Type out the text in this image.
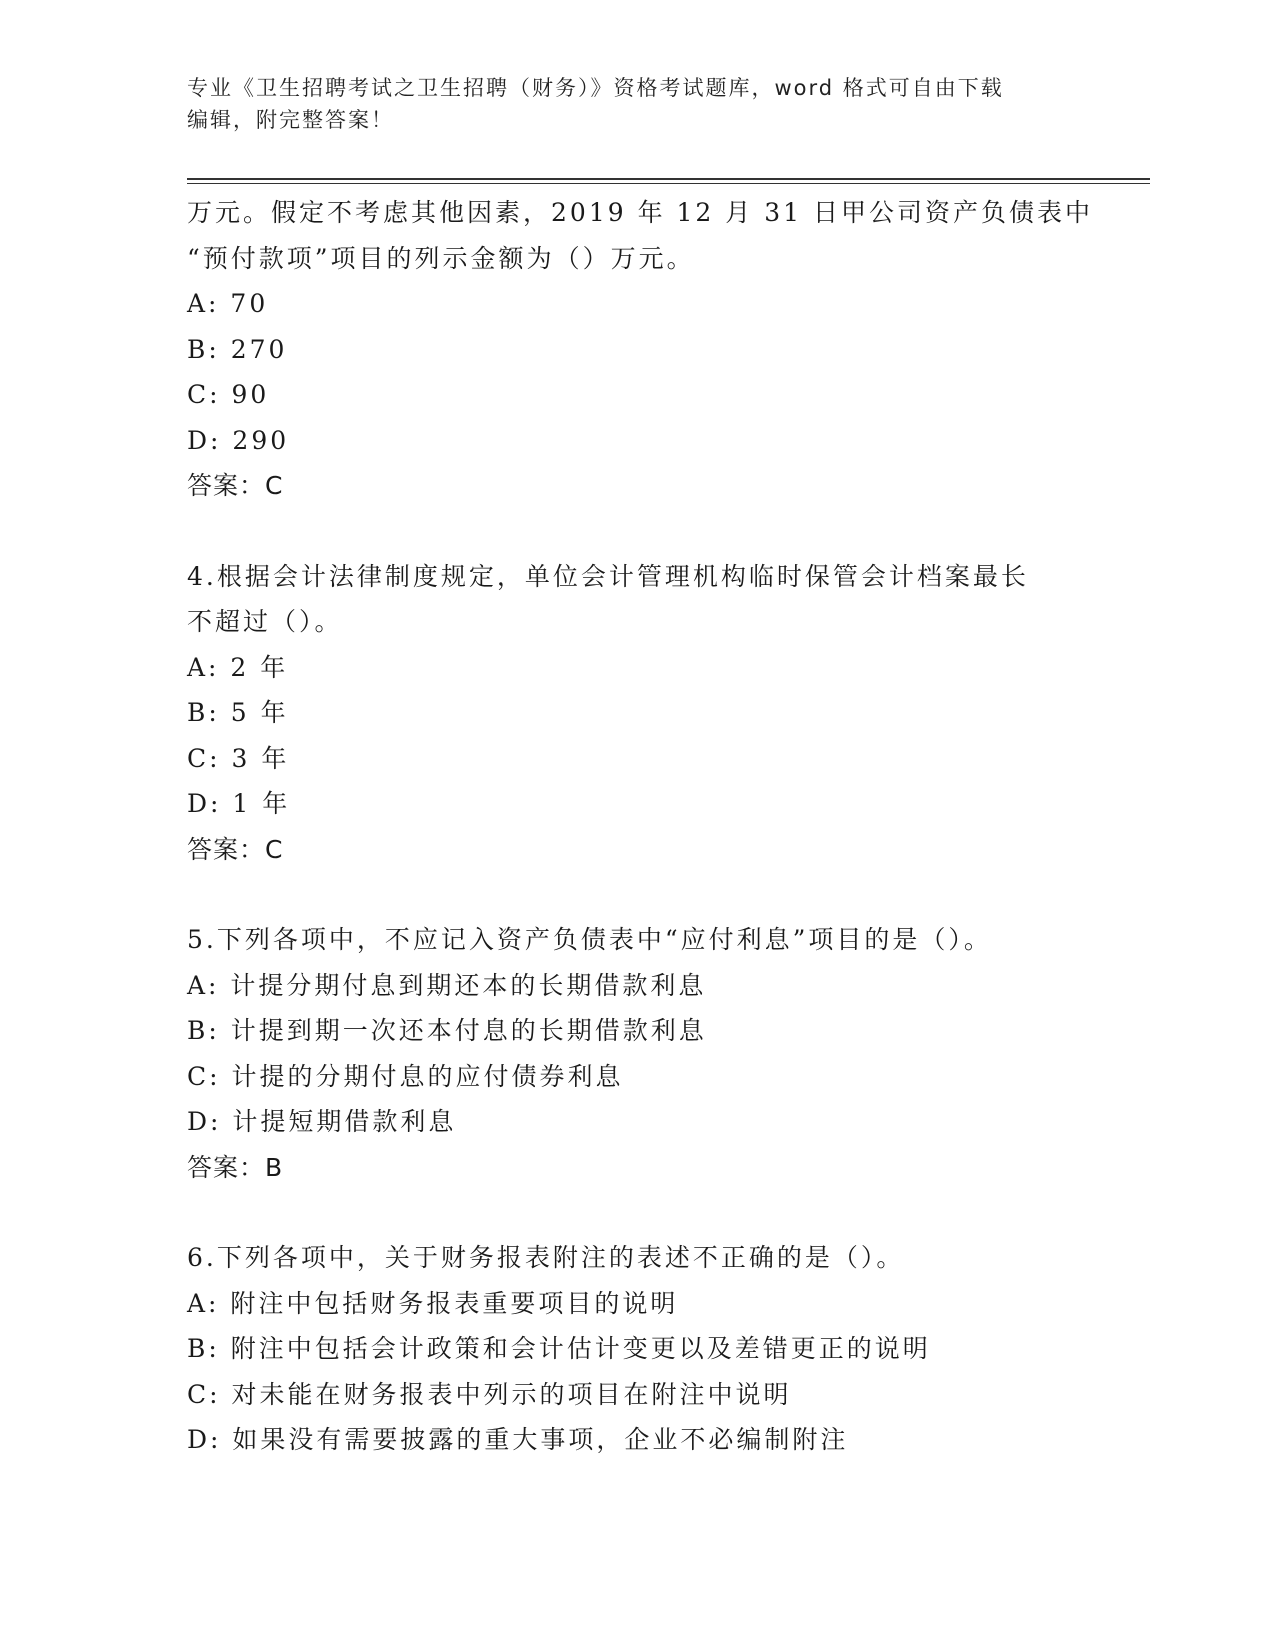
专业《卫生招聘考试之卫生招聘（财务）》资格考试题库，word 格式可自由下载
编辑，附完整答案！
万元。假定不考虑其他因素，2019 年 12 月 31 日甲公司资产负债表中
“预付款项”项目的列示金额为（）万元。
A: 70
B: 270
C: 90
D: 290
答案：C
4.根据会计法律制度规定，单位会计管理机构临时保管会计档案最长
不超过（）。
A: 2 年
B: 5 年
C: 3 年
D: 1 年
答案：C
5.下列各项中，不应记入资产负债表中“应付利息”项目的是（）。
A: 计提分期付息到期还本的长期借款利息
B: 计提到期一次还本付息的长期借款利息
C: 计提的分期付息的应付债券利息
D: 计提短期借款利息
答案：B
6.下列各项中，关于财务报表附注的表述不正确的是（）。
A: 附注中包括财务报表重要项目的说明
B: 附注中包括会计政策和会计估计变更以及差错更正的说明
C: 对未能在财务报表中列示的项目在附注中说明
D: 如果没有需要披露的重大事项，企业不必编制附注
